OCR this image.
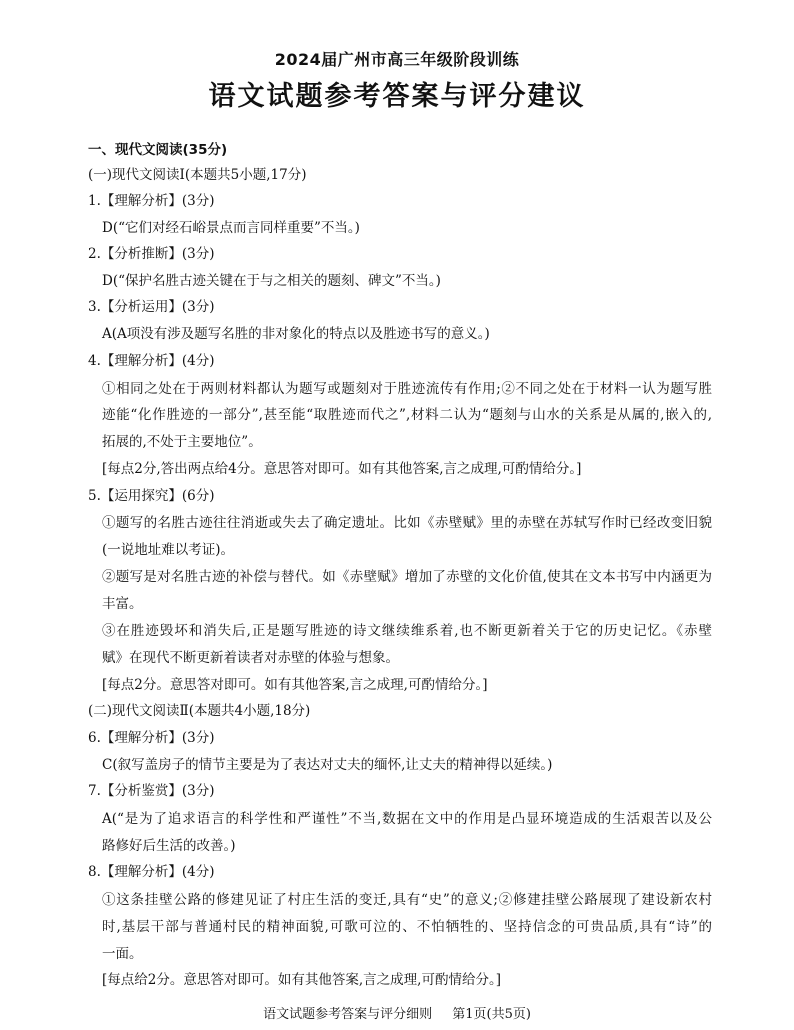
2024届广州市高三年级阶段训练
语文试题参考答案与评分建议
一、现代文阅读(35分)
(一)现代文阅读Ⅰ(本题共5小题,17分)
1.【理解分析】(3分)
D(“它们对经石峪景点而言同样重要”不当。)
2.【分析推断】(3分)
D(“保护名胜古迹关键在于与之相关的题刻、碑文”不当。)
3.【分析运用】(3分)
A(A项没有涉及题写名胜的非对象化的特点以及胜迹书写的意义。)
4.【理解分析】(4分)
①相同之处在于两则材料都认为题写或题刻对于胜迹流传有作用;②不同之处在于材料一认为题写胜
迹能“化作胜迹的一部分”,甚至能“取胜迹而代之”,材料二认为“题刻与山水的关系是从属的,嵌入的,
拓展的,不处于主要地位”。
[每点2分,答出两点给4分。意思答对即可。如有其他答案,言之成理,可酌情给分。]
5.【运用探究】(6分)
①题写的名胜古迹往往消逝或失去了确定遗址。比如《赤壁赋》里的赤壁在苏轼写作时已经改变旧貌
(一说地址难以考证)。
②题写是对名胜古迹的补偿与替代。如《赤壁赋》增加了赤壁的文化价值,使其在文本书写中内涵更为
丰富。
③在胜迹毁坏和消失后,正是题写胜迹的诗文继续维系着,也不断更新着关于它的历史记忆。《赤壁
赋》在现代不断更新着读者对赤壁的体验与想象。
[每点2分。意思答对即可。如有其他答案,言之成理,可酌情给分。]
(二)现代文阅读Ⅱ(本题共4小题,18分)
6.【理解分析】(3分)
C(叙写盖房子的情节主要是为了表达对丈夫的缅怀,让丈夫的精神得以延续。)
7.【分析鉴赏】(3分)
A(“是为了追求语言的科学性和严谨性”不当,数据在文中的作用是凸显环境造成的生活艰苦以及公
路修好后生活的改善。)
8.【理解分析】(4分)
①这条挂壁公路的修建见证了村庄生活的变迁,具有“史”的意义;②修建挂壁公路展现了建设新农村
时,基层干部与普通村民的精神面貌,可歌可泣的、不怕牺牲的、坚持信念的可贵品质,具有“诗”的
一面。
[每点给2分。意思答对即可。如有其他答案,言之成理,可酌情给分。]
语文试题参考答案与评分细则 第1页(共5页)
